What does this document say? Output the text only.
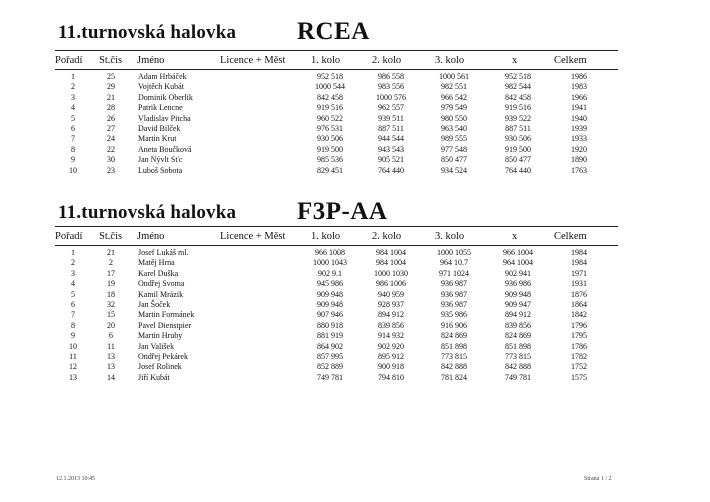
11.turnovská halovka RCEA
Pořadí St.čís Jméno	Licence + Měst 1. kolo	2. kolo	3. kolo	x	Celkem
1	25	Adam Hrbáček	952 518	986 558	1000 561	952 518	1986
2	29	Vojtěch Kubát	1000 544	983 556	982 551	982 544	1983
3	21	Dominik Oberlik	842 458	1000 576	966 542	842 458	1966
4	28	Patrik Lencne	919 516	962 557	979 549	919 516	1941
5	26	Vladislav Pitcha	960 522	939 511	980 550	939 522	1940
6	27	David Bilček	976 531	887 511	963 540	887 511	1939
7	24	Martin Krut	930 506	944 544	989 555	930 506	1933
8	22	Aneta Boučková	919 500	943 543	977 548	919 500	1920
9	30	Jan Nývlt Sťc	985 536	905 521	850 477	850 477	1890
10	23	Luboš Sobota	829 451	764 440	934 524	764 440	1763
11.turnovská halovka F3P-AA
Pořadí St.čís Jméno	Licence + Měst 1. kolo	2. kolo	3. kolo	x	Celkem
1	21	Josef Lukáš ml.	966 1008	984 1004	1000 1055	966 1004	1984
2	2	Matěj Hrna	1000 1043	984 1004	964 10.7	964 1004	1984
3	17	Karel Duška	902 9.1	1000 1030	971 1024	902 941	1971
4	19	Ondřej Svoma	945 986	986 1006	936 987	936 986	1931
5	18	Kamil Mrázik	909 948	940 959	936 987	909 948	1876
6	32	Jan Šoček	909 948	928 937	936 987	909 947	1864
7	15	Martin Formánek	907 946	894 912	935 986	894 912	1842
8	20	Pavel Dienstpier	880 918	839 856	916 906	839 856	1796
9	6	Martin Hruby	881 919	914 932	824 869	824 869	1795
10	11	Jan Vališek	864 902	902 920	851 898	851 898	1786
11	13	Ondřej Pekárek	857 995	895 912	773 815	773 815	1782
12	13	Josef Rolinek	852 889	900 918	842 888	842 888	1752
13	14	Jiří Kubát	749 781	794 810	781 824	749 781	1575
12.1.2013 10:45	Strana 1 / 2
